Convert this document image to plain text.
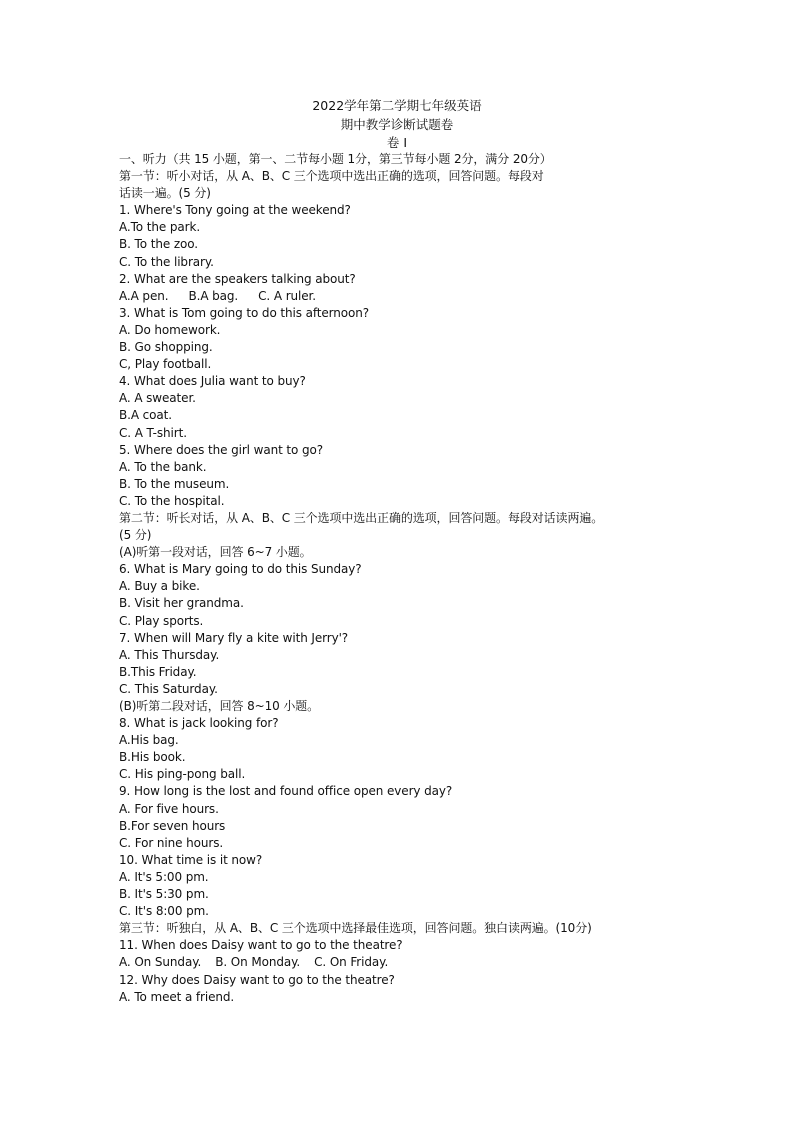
2022学年第二学期七年级英语
期中教学诊断试题卷
卷 I
一、听力（共 15 小题，第一、二节每小题 1分，第三节每小题 2分，满分 20分）
第一节：听小对话，从 A、B、C 三个选项中选出正确的选项，回答问题。每段对
话读一遍。(5 分)
1. Where's Tony going at the weekend?
A.To the park.
B. To the zoo.
C. To the library.
2. What are the speakers talking about?
A.A pen. B.A bag. C. A ruler.
3. What is Tom going to do this afternoon?
A. Do homework.
B. Go shopping.
C, Play football.
4. What does Julia want to buy?
A. A sweater.
B.A coat.
C. A T-shirt.
5. Where does the girl want to go?
A. To the bank.
B. To the museum.
C. To the hospital.
第二节：听长对话，从 A、B、C 三个选项中选出正确的选项，回答问题。每段对话读两遍。
(5 分)
(A)听第一段对话，回答 6~7 小题。
6. What is Mary going to do this Sunday?
A. Buy a bike.
B. Visit her grandma.
C. Play sports.
7. When will Mary fly a kite with Jerry'?
A. This Thursday.
B.This Friday.
C. This Saturday.
(B)听第二段对话，回答 8~10 小题。
8. What is jack looking for?
A.His bag.
B.His book.
C. His ping-pong ball.
9. How long is the lost and found office open every day?
A. For five hours.
B.For seven hours
C. For nine hours.
10. What time is it now?
A. It's 5:00 pm.
B. It's 5:30 pm.
C. It's 8:00 pm.
第三节：听独白，从 A、B、C 三个选项中选择最佳选项，回答问题。独白读两遍。(10分)
11. When does Daisy want to go to the theatre?
A. On Sunday. B. On Monday. C. On Friday.
12. Why does Daisy want to go to the theatre?
A. To meet a friend.
